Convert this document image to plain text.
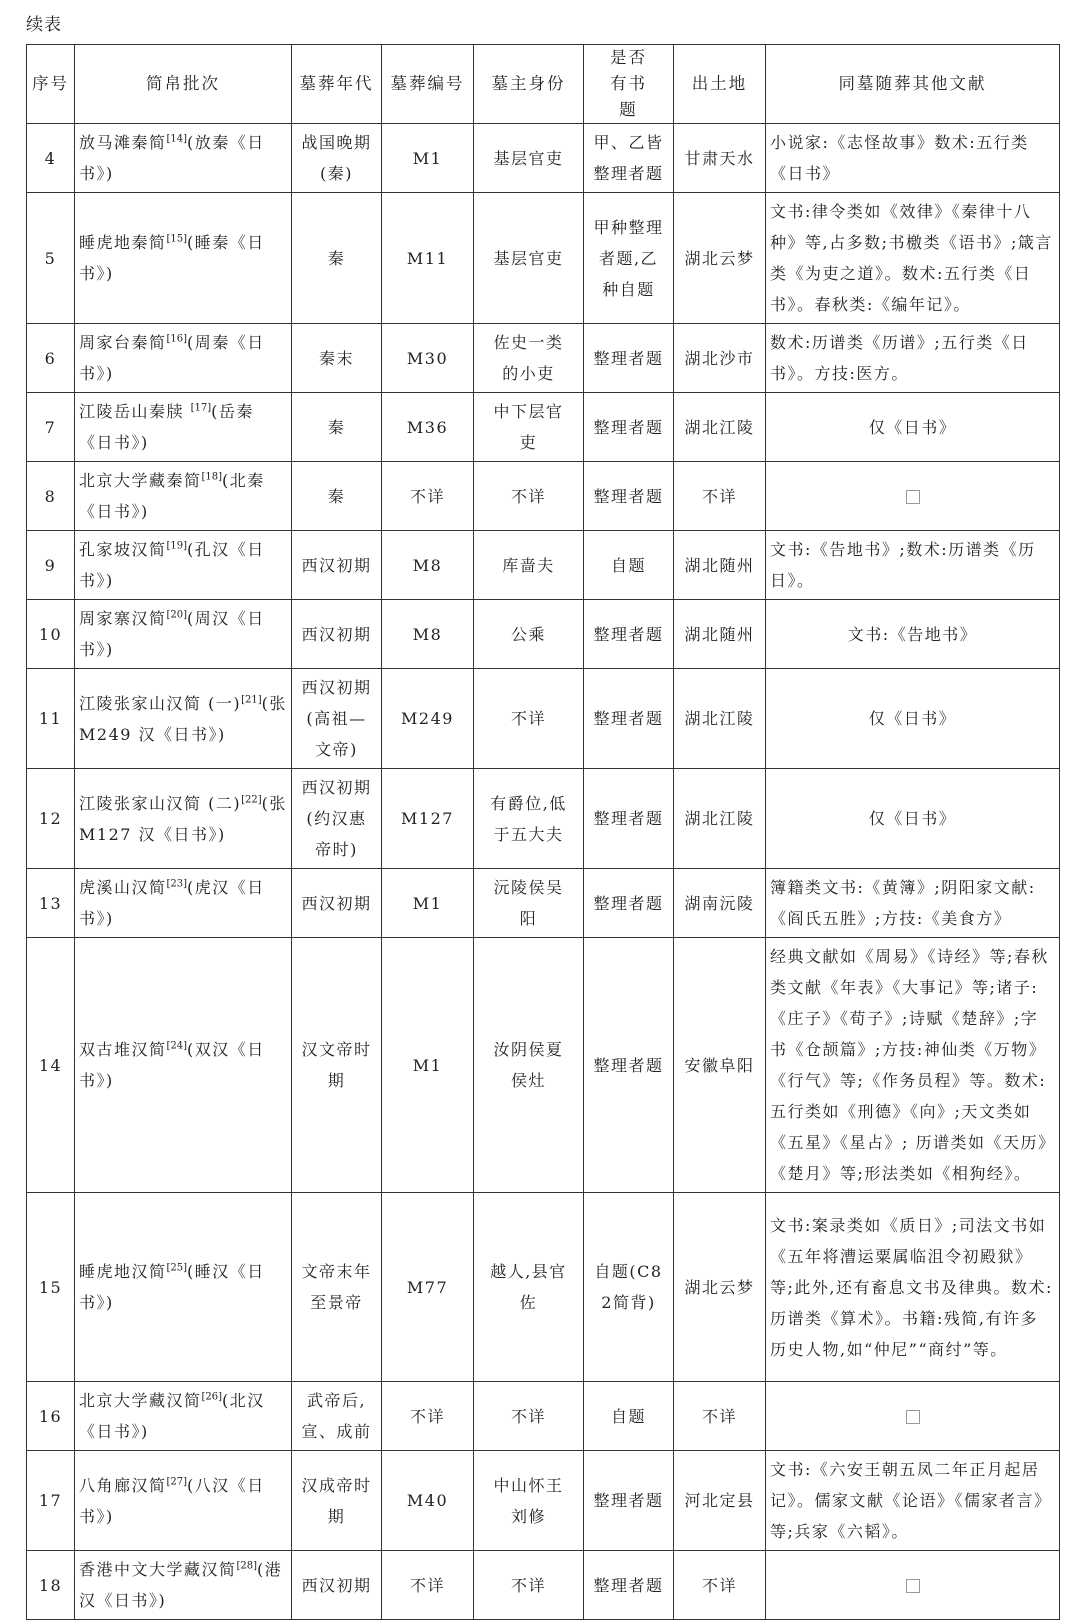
续表
序号	简帛批次	墓葬年代	墓葬编号	墓主身份	是否有书题	出土地	同墓随葬其他文献
4	放马滩秦简[14](放秦《日书》)	战国晚期(秦)	M1	基层官吏	甲、乙皆整理者题	甘肃天水	小说家:《志怪故事》数术:五行类《日书》
5	睡虎地秦简[15](睡秦《日书》)	秦	M11	基层官吏	甲种整理者题,乙种自题	湖北云梦	文书:律令类如《效律》《秦律十八种》等,占多数;书檄类《语书》;箴言类《为吏之道》。数术:五行类《日书》。春秋类:《编年记》。
6	周家台秦简[16](周秦《日书》)	秦末	M30	佐史一类的小吏	整理者题	湖北沙市	数术:历谱类《历谱》;五行类《日书》。方技:医方。
7	江陵岳山秦牍 [17](岳秦《日书》)	秦	M36	中下层官吏	整理者题	湖北江陵	仅《日书》
8	北京大学藏秦简[18](北秦《日书》)	秦	不详	不详	整理者题	不详	
9	孔家坡汉简[19](孔汉《日书》)	西汉初期	M8	库啬夫	自题	湖北随州	文书:《告地书》;数术:历谱类《历日》。
10	周家寨汉简[20](周汉《日书》)	西汉初期	M8	公乘	整理者题	湖北随州	文书:《告地书》
11	江陵张家山汉简 (一)[21](张 M249 汉《日书》)	西汉初期(高祖—文帝)	M249	不详	整理者题	湖北江陵	仅《日书》
12	江陵张家山汉简 (二)[22](张 M127 汉《日书》)	西汉初期(约汉惠帝时)	M127	有爵位,低于五大夫	整理者题	湖北江陵	仅《日书》
13	虎溪山汉简[23](虎汉《日书》)	西汉初期	M1	沅陵侯吴阳	整理者题	湖南沅陵	簿籍类文书:《黄簿》;阴阳家文献:《阎氏五胜》;方技:《美食方》
14	双古堆汉简[24](双汉《日书》)	汉文帝时期	M1	汝阴侯夏侯灶	整理者题	安徽阜阳	经典文献如《周易》《诗经》等;春秋类文献《年表》《大事记》等;诸子:《庄子》《荀子》;诗赋《楚辞》;字书《仓颉篇》;方技:神仙类《万物》《行气》等;《作务员程》等。数术:五行类如《刑德》《向》;天文类如《五星》《星占》; 历谱类如《天历》《楚月》等;形法类如《相狗经》。
15	睡虎地汉简[25](睡汉《日书》)	文帝末年至景帝	M77	越人,县官佐	自题(C82简背)	湖北云梦	文书:案录类如《质日》;司法文书如《五年将漕运粟属临沮令初殿狱》等;此外,还有畜息文书及律典。数术:历谱类《算术》。书籍:残简,有许多历史人物,如“仲尼”“商纣”等。
16	北京大学藏汉简[26](北汉《日书》)	武帝后,宣、成前	不详	不详	自题	不详	
17	八角廊汉简[27](八汉《日书》)	汉成帝时期	M40	中山怀王刘修	整理者题	河北定县	文书:《六安王朝五凤二年正月起居记》。儒家文献《论语》《儒家者言》等;兵家《六韬》。
18	香港中文大学藏汉简[28](港汉《日书》)	西汉初期	不详	不详	整理者题	不详	
